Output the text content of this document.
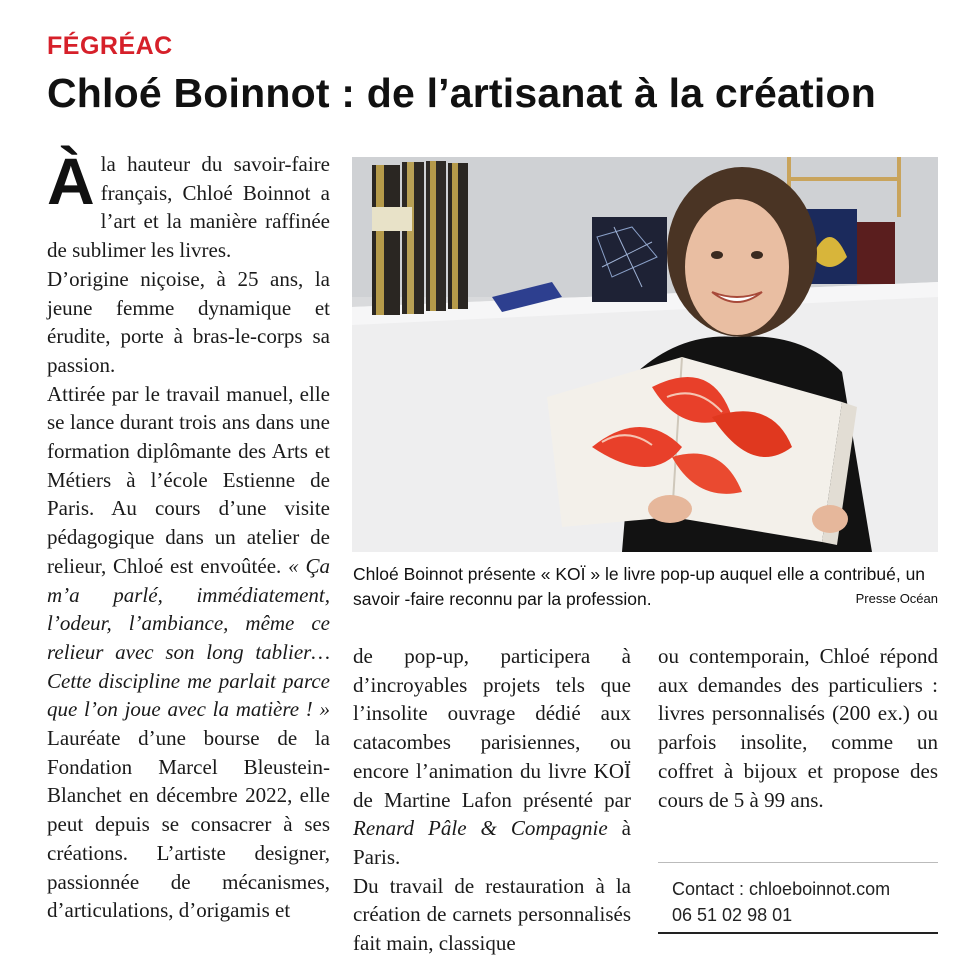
FÉGRÉAC
Chloé Boinnot : de l’artisanat à la création

Àla hauteur du savoir-faire français, Chloé Boinnot a l’art et la manière raffinée de sublimer les livres.

D’origine niçoise, à 25 ans, la jeune femme dynamique et érudite, porte à bras-le-corps sa passion.

Attirée par le travail manuel, elle se lance durant trois ans dans une formation diplômante des Arts et Métiers à l’école Estienne de Paris. Au cours d’une visite pédagogique dans un atelier de relieur, Chloé est envoûtée. « Ça m’a parlé, immédiatement, l’odeur, l’ambiance, même ce relieur avec son long tablier… Cette discipline me parlait parce que l’on joue avec la matière ! » Lauréate d’une bourse de la Fondation Marcel Bleustein-Blanchet en décembre 2022, elle peut depuis se consacrer à ses créations. L’artiste designer, passionnée de mécanismes, d’articulations, d’origamis et

Chloé Boinnot présente « KOÏ » le livre pop-up auquel elle a contribué, un savoir -faire reconnu par la profession.	Presse Océan

de pop-up, participera à d’incroyables projets tels que l’insolite ouvrage dédié aux catacombes parisiennes, ou encore l’animation du livre KOÏ de Martine Lafon présenté par Renard Pâle & Compagnie à Paris.

Du travail de restauration à la création de carnets personnalisés fait main, classique

ou contemporain, Chloé répond aux demandes des particuliers : livres personnalisés (200 ex.) ou parfois insolite, comme un coffret à bijoux et propose des cours de 5 à 99 ans.

Contact : chloeboinnot.com
06 51 02 98 01
